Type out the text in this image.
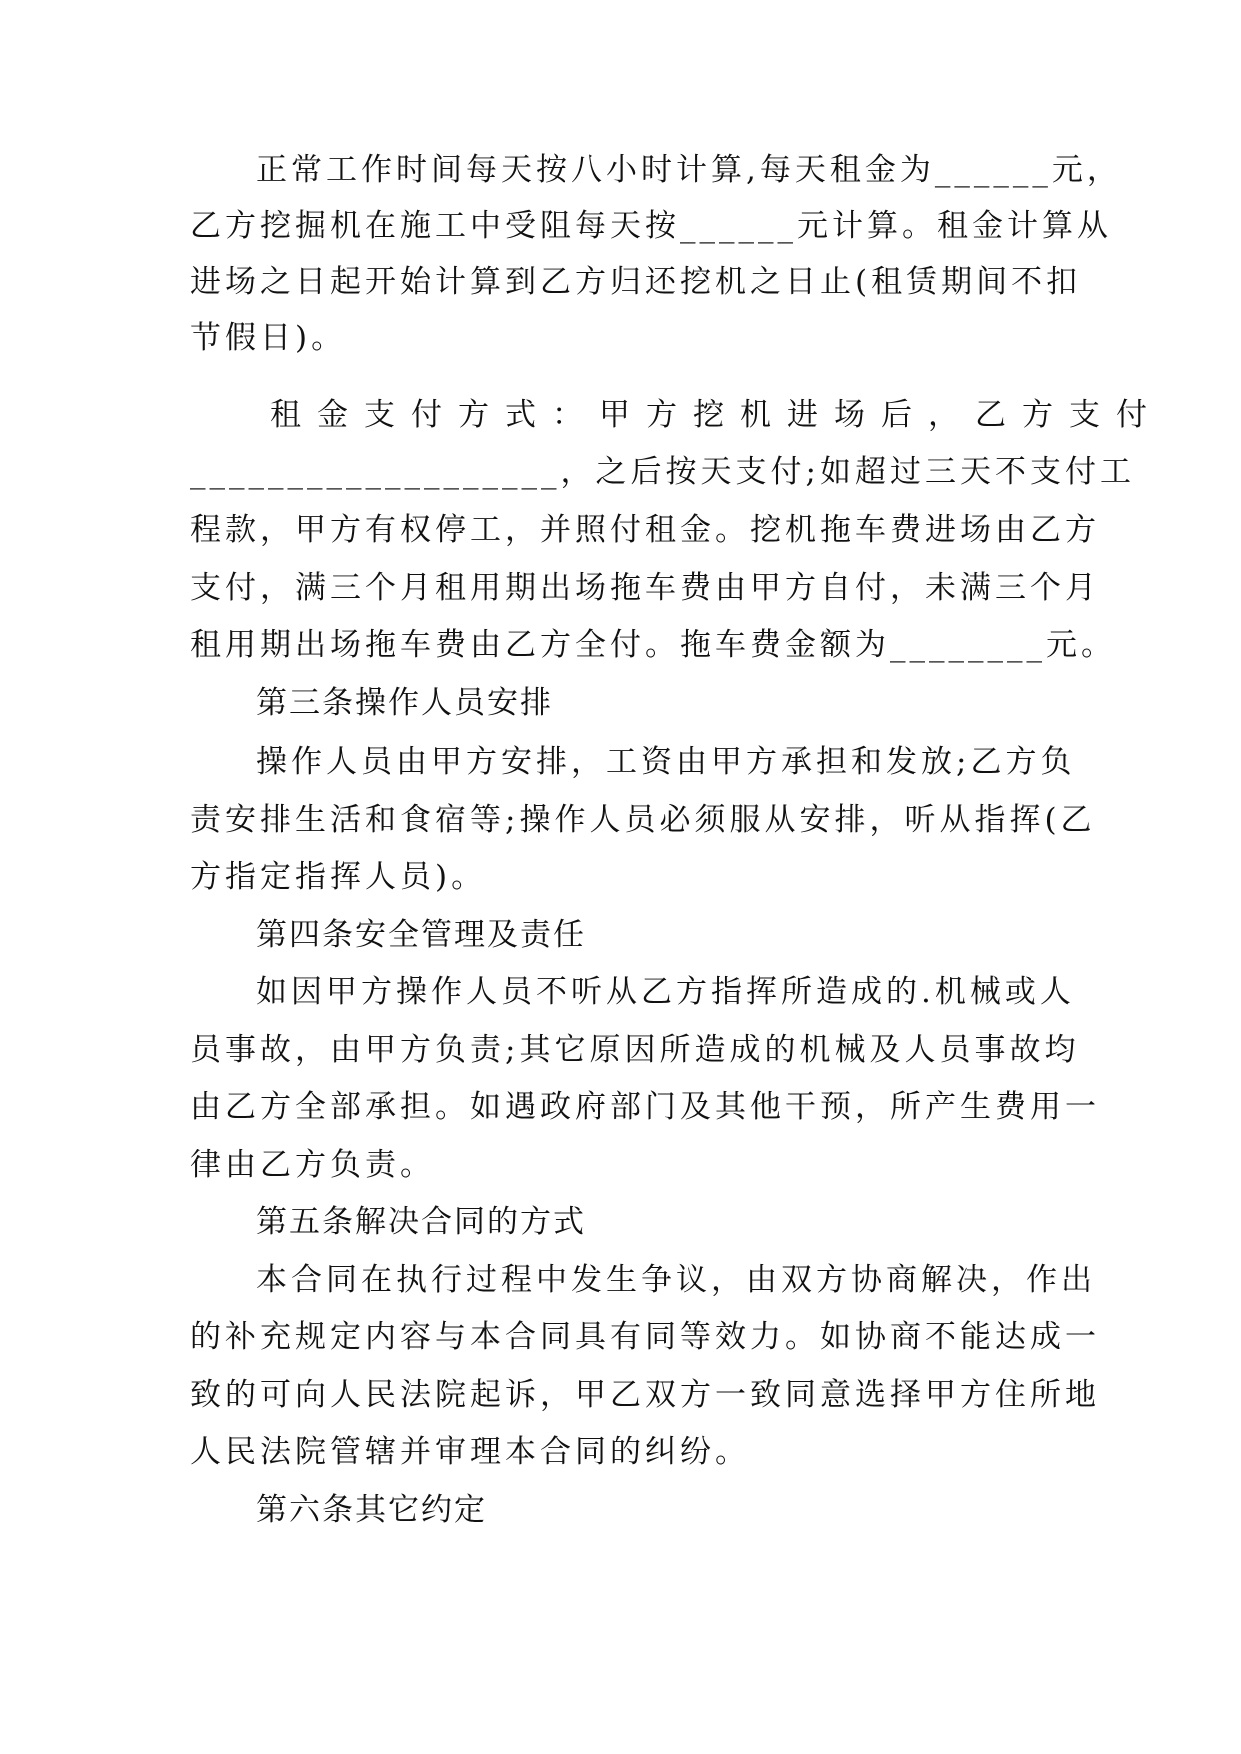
正常工作时间每天按八小时计算,每天租金为______元，
乙方挖掘机在施工中受阻每天按______元计算。租金计算从
进场之日起开始计算到乙方归还挖机之日止(租赁期间不扣
节假日)。
租金支付方式：甲方挖机进场后，乙方支付
___________________，之后按天支付;如超过三天不支付工
程款，甲方有权停工，并照付租金。挖机拖车费进场由乙方
支付，满三个月租用期出场拖车费由甲方自付，未满三个月
租用期出场拖车费由乙方全付。拖车费金额为________元。
第三条操作人员安排
操作人员由甲方安排，工资由甲方承担和发放;乙方负
责安排生活和食宿等;操作人员必须服从安排，听从指挥(乙
方指定指挥人员)。
第四条安全管理及责任
如因甲方操作人员不听从乙方指挥所造成的.机械或人
员事故，由甲方负责;其它原因所造成的机械及人员事故均
由乙方全部承担。如遇政府部门及其他干预，所产生费用一
律由乙方负责。
第五条解决合同的方式
本合同在执行过程中发生争议，由双方协商解决，作出
的补充规定内容与本合同具有同等效力。如协商不能达成一
致的可向人民法院起诉，甲乙双方一致同意选择甲方住所地
人民法院管辖并审理本合同的纠纷。
第六条其它约定
